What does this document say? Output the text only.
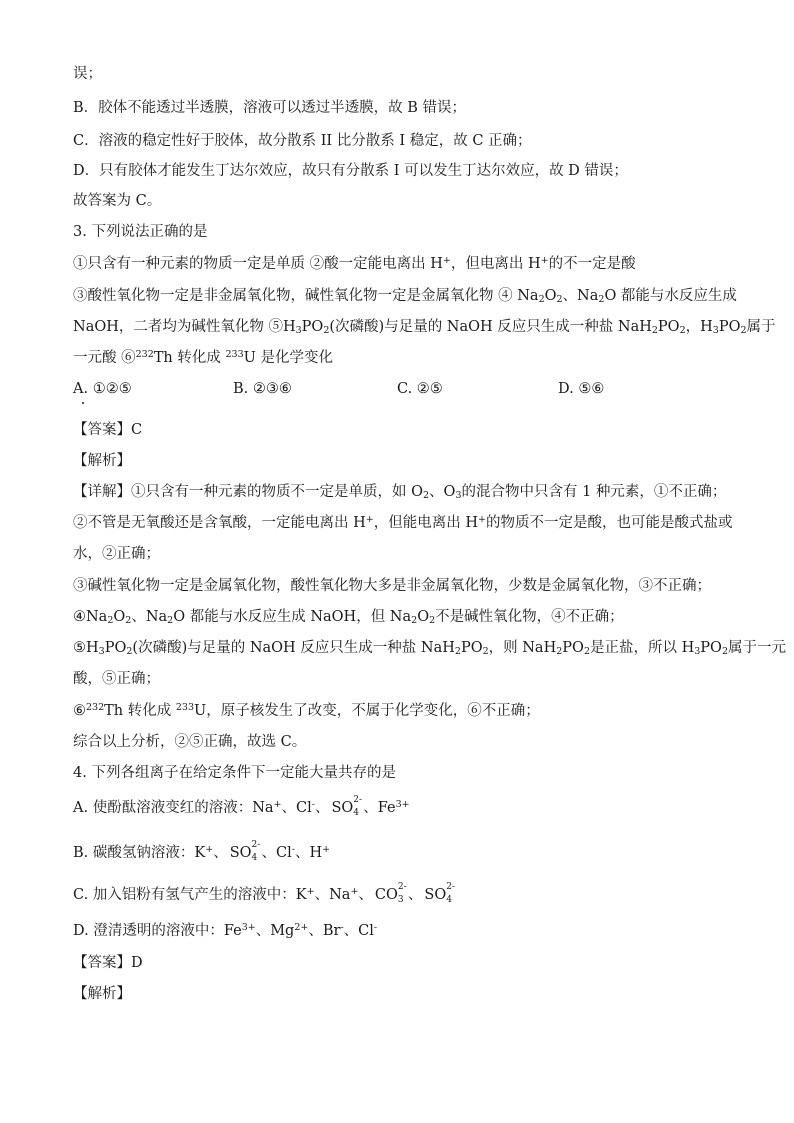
误；
B．胶体不能透过半透膜，溶液可以透过半透膜，故 B 错误；
C．溶液的稳定性好于胶体，故分散系 II 比分散系 I 稳定，故 C 正确；
D．只有胶体才能发生丁达尔效应，故只有分散系 I 可以发生丁达尔效应，故 D 错误；
故答案为 C。
3. 下列说法正确的是
①只含有一种元素的物质一定是单质 ②酸一定能电离出 H+，但电离出 H+的不一定是酸
③酸性氧化物一定是非金属氧化物，碱性氧化物一定是金属氧化物 ④ $Na_2O_2$、$Na_2O$ 都能与水反应生成
NaOH，二者均为碱性氧化物 $⑤H_3PO_2$(次磷酸)与足量的 NaOH 反应只生成一种盐 $NaH_2PO_2$，$H_3PO_2$属于
一元酸 ⑥$^{232}$Th 转化成 $^{233}$U 是化学变化
A. ①②⑤	B. ②③⑥	C. ②⑤	D. ⑤⑥
【答案】C
【解析】
【详解】①只含有一种元素的物质不一定是单质，如 $O_2$、$O_3$的混合物中只含有 1 种元素，①不正确；
②不管是无氧酸还是含氧酸，一定能电离出 H+，但能电离出 H+的物质不一定是酸，也可能是酸式盐或
水，②正确；
③碱性氧化物一定是金属氧化物，酸性氧化物大多是非金属氧化物，少数是金属氧化物，③不正确；
$④Na_2O_2$、$Na_2O$ 都能与水反应生成 NaOH，但 $Na_2O_2$不是碱性氧化物，④不正确；
$⑤H_3PO_2$(次磷酸)与足量的 NaOH 反应只生成一种盐 $NaH_2PO_2$，则 $NaH_2PO_2$是正盐，所以 $H_3PO_2$属于一元
酸，⑤正确；
⑥$^{232}$Th 转化成 $^{233}$U，原子核发生了改变，不属于化学变化，⑥不正确；
综合以上分析，②⑤正确，故选 C。
4. 下列各组离子在给定条件下一定能大量共存的是
A. 使酚酞溶液变红的溶液：Na+、Cl-、 SO 2-
4 、$Fe^{3+}$
B. 碳酸氢钠溶液：K+、 SO 2-
4 、Cl-、H+
C. 加入铝粉有氢气产生的溶液中：K+、Na+、 CO 2-
3 、 SO 2-
4
D. 澄清透明的溶液中：$Fe^{3+}$、$Mg^{2+}$、Br-、Cl-
【答案】D
【解析】
